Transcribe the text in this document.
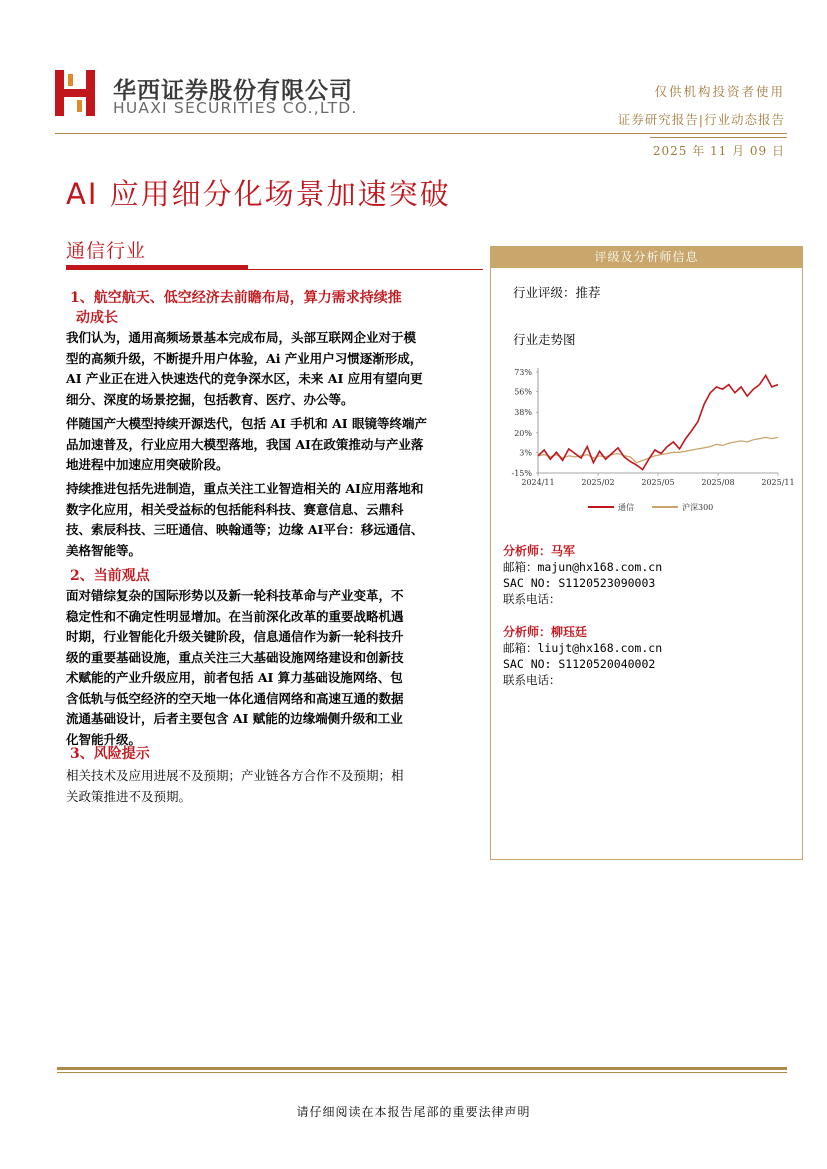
华西证券股份有限公司
HUAXI SECURITIES CO.,LTD.
仅供机构投资者使用
证券研究报告|行业动态报告
2025 年 11 月 09 日
AI 应用细分化场景加速突破
通信行业
1、航空航天、低空经济去前瞻布局，算力需求持续推
动成长
我们认为，通用高频场景基本完成布局，头部互联网企业对于模
型的高频升级，不断提升用户体验，Ai 产业用户习惯逐渐形成，
AI 产业正在进入快速迭代的竞争深水区，未来 AI 应用有望向更
细分、深度的场景挖掘，包括教育、医疗、办公等。
伴随国产大模型持续开源迭代，包括 AI 手机和 AI 眼镜等终端产
品加速普及，行业应用大模型落地，我国 AI在政策推动与产业落
地进程中加速应用突破阶段。
持续推进包括先进制造，重点关注工业智造相关的 AI应用落地和
数字化应用，相关受益标的包括能科科技、赛意信息、云鼎科
技、索辰科技、三旺通信、映翰通等；边缘 AI平台：移远通信、
美格智能等。
2、当前观点
面对错综复杂的国际形势以及新一轮科技革命与产业变革，不
稳定性和不确定性明显增加。在当前深化改革的重要战略机遇
时期，行业智能化升级关键阶段，信息通信作为新一轮科技升
级的重要基础设施，重点关注三大基础设施网络建设和创新技
术赋能的产业升级应用，前者包括 AI 算力基础设施网络、包
含低轨与低空经济的空天地一体化通信网络和高速互通的数据
流通基础设计，后者主要包含 AI 赋能的边缘端侧升级和工业
化智能升级。
3、风险提示
相关技术及应用进展不及预期；产业链各方合作不及预期；相
关政策推进不及预期。
评级及分析师信息
行业评级：推荐
行业走势图
73%
56%
38%
20%
3%
-15%
2024/11	2025/02	2025/05	2025/08	2025/11
通信	沪深300
分析师：马军
邮箱：majun@hx168.com.cn
SAC NO: S1120523090003
联系电话：
分析师：柳珏廷
邮箱：liujt@hx168.com.cn
SAC NO: S1120520040002
联系电话：
请仔细阅读在本报告尾部的重要法律声明
